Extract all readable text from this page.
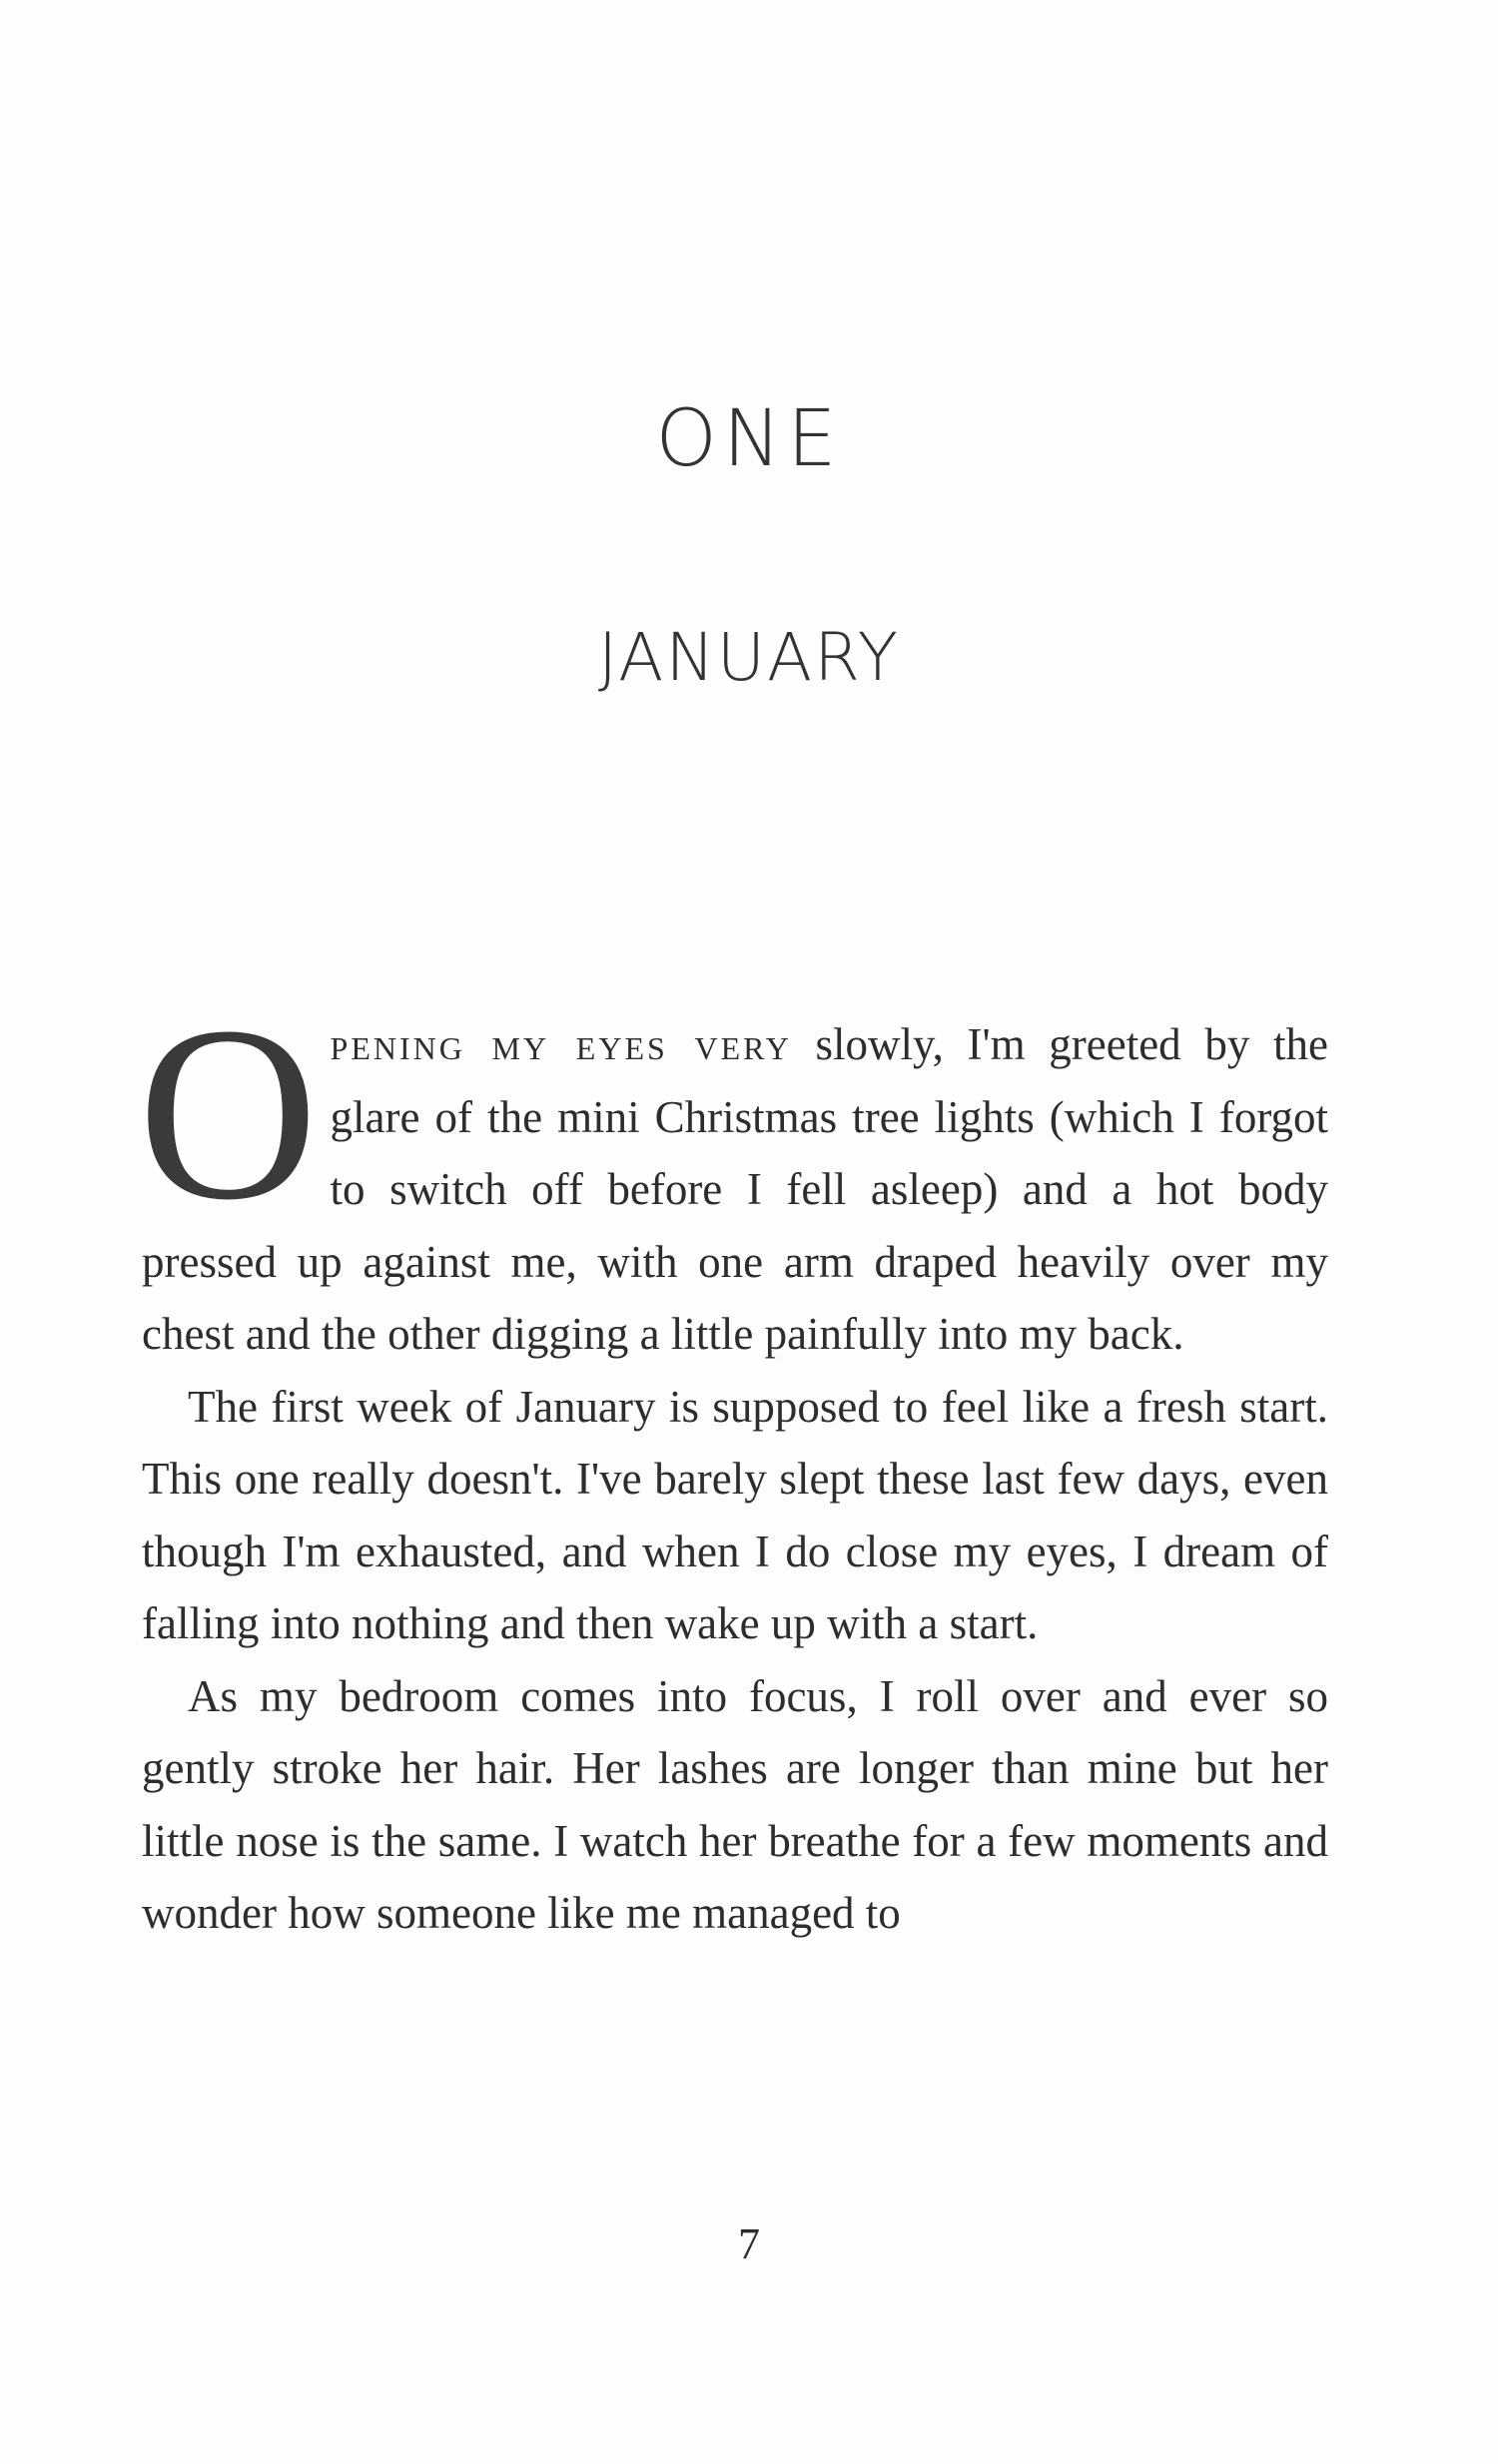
ONE
JANUARY

Opening my eyes very slowly, I'm greeted by the glare of the mini Christmas tree lights (which I forgot to switch off before I fell asleep) and a hot body pressed up against me, with one arm draped heavily over my chest and the other digging a little painfully into my back.

The first week of January is supposed to feel like a fresh start. This one really doesn't. I've barely slept these last few days, even though I'm exhausted, and when I do close my eyes, I dream of falling into nothing and then wake up with a start.

As my bedroom comes into focus, I roll over and ever so gently stroke her hair. Her lashes are longer than mine but her little nose is the same. I watch her breathe for a few moments and wonder how someone like me managed to

7
